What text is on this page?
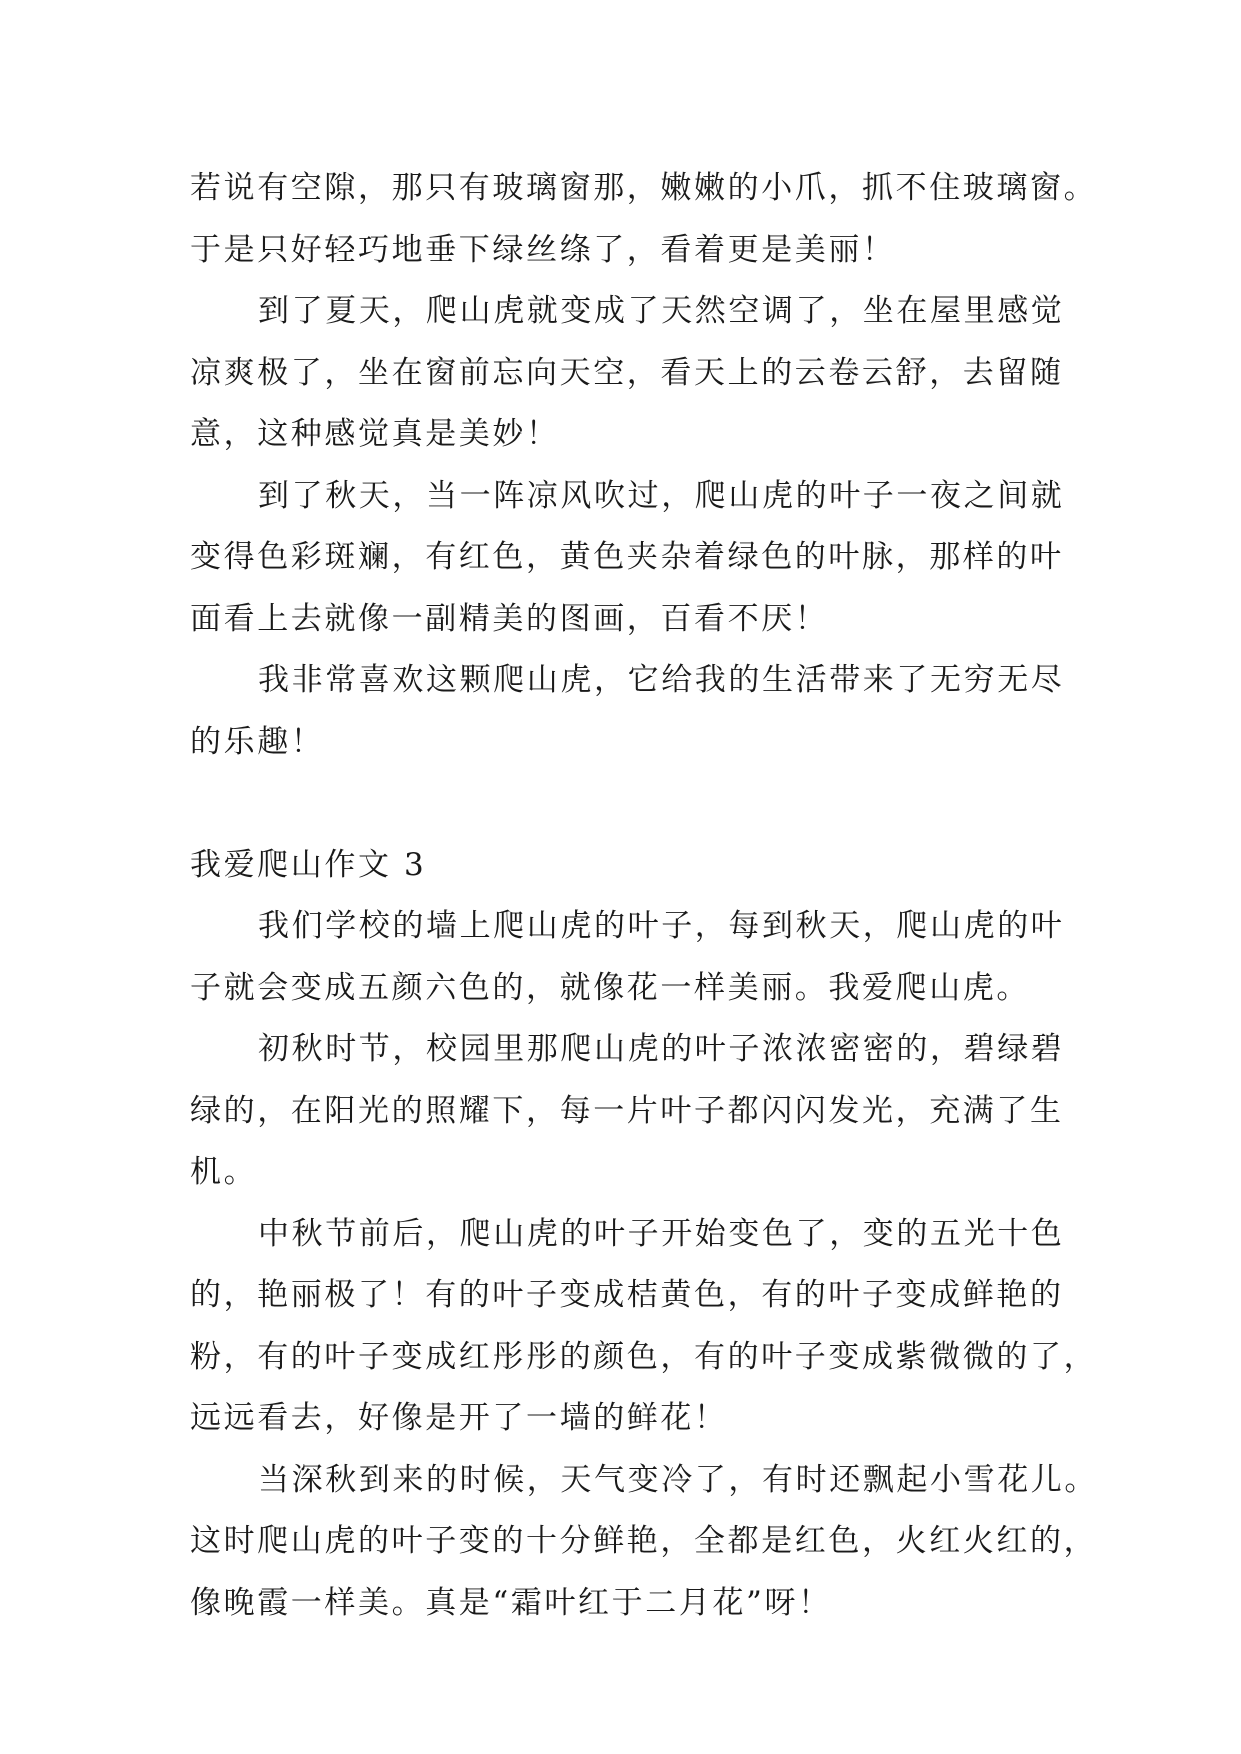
若说有空隙，那只有玻璃窗那，嫩嫩的小爪，抓不住玻璃窗。
于是只好轻巧地垂下绿丝绦了，看着更是美丽！
到了夏天，爬山虎就变成了天然空调了，坐在屋里感觉
凉爽极了，坐在窗前忘向天空，看天上的云卷云舒，去留随
意，这种感觉真是美妙！
到了秋天，当一阵凉风吹过，爬山虎的叶子一夜之间就
变得色彩斑斓，有红色，黄色夹杂着绿色的叶脉，那样的叶
面看上去就像一副精美的图画，百看不厌！
我非常喜欢这颗爬山虎，它给我的生活带来了无穷无尽
的乐趣！
我爱爬山作文 3
我们学校的墙上爬山虎的叶子，每到秋天，爬山虎的叶
子就会变成五颜六色的，就像花一样美丽。我爱爬山虎。
初秋时节，校园里那爬山虎的叶子浓浓密密的，碧绿碧
绿的，在阳光的照耀下，每一片叶子都闪闪发光，充满了生
机。
中秋节前后，爬山虎的叶子开始变色了，变的五光十色
的，艳丽极了！有的叶子变成桔黄色，有的叶子变成鲜艳的
粉，有的叶子变成红彤彤的颜色，有的叶子变成紫微微的了，
远远看去，好像是开了一墙的鲜花！
当深秋到来的时候，天气变冷了，有时还飘起小雪花儿。
这时爬山虎的叶子变的十分鲜艳，全都是红色，火红火红的，
像晚霞一样美。真是“霜叶红于二月花”呀！
